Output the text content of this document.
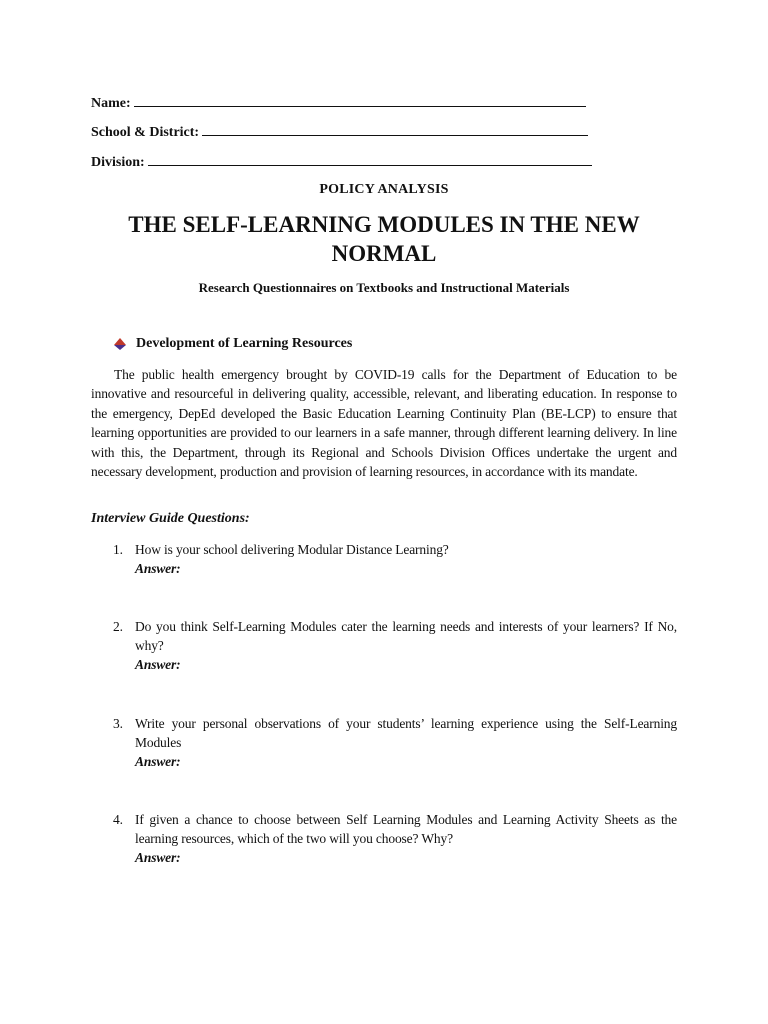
Name:
School & District:
Division:
POLICY ANALYSIS
THE SELF-LEARNING MODULES IN THE NEW NORMAL
Research Questionnaires on Textbooks and Instructional Materials
Development of Learning Resources
The public health emergency brought by COVID-19 calls for the Department of Education to be innovative and resourceful in delivering quality, accessible, relevant, and liberating education. In response to the emergency, DepEd developed the Basic Education Learning Continuity Plan (BE-LCP) to ensure that learning opportunities are provided to our learners in a safe manner, through different learning delivery. In line with this, the Department, through its Regional and Schools Division Offices undertake the urgent and necessary development, production and provision of learning resources, in accordance with its mandate.
Interview Guide Questions:
1. How is your school delivering Modular Distance Learning?
Answer:
2. Do you think Self-Learning Modules cater the learning needs and interests of your learners? If No, why?
Answer:
3. Write your personal observations of your students’ learning experience using the Self-Learning Modules
Answer:
4. If given a chance to choose between Self Learning Modules and Learning Activity Sheets as the learning resources, which of the two will you choose? Why?
Answer:
